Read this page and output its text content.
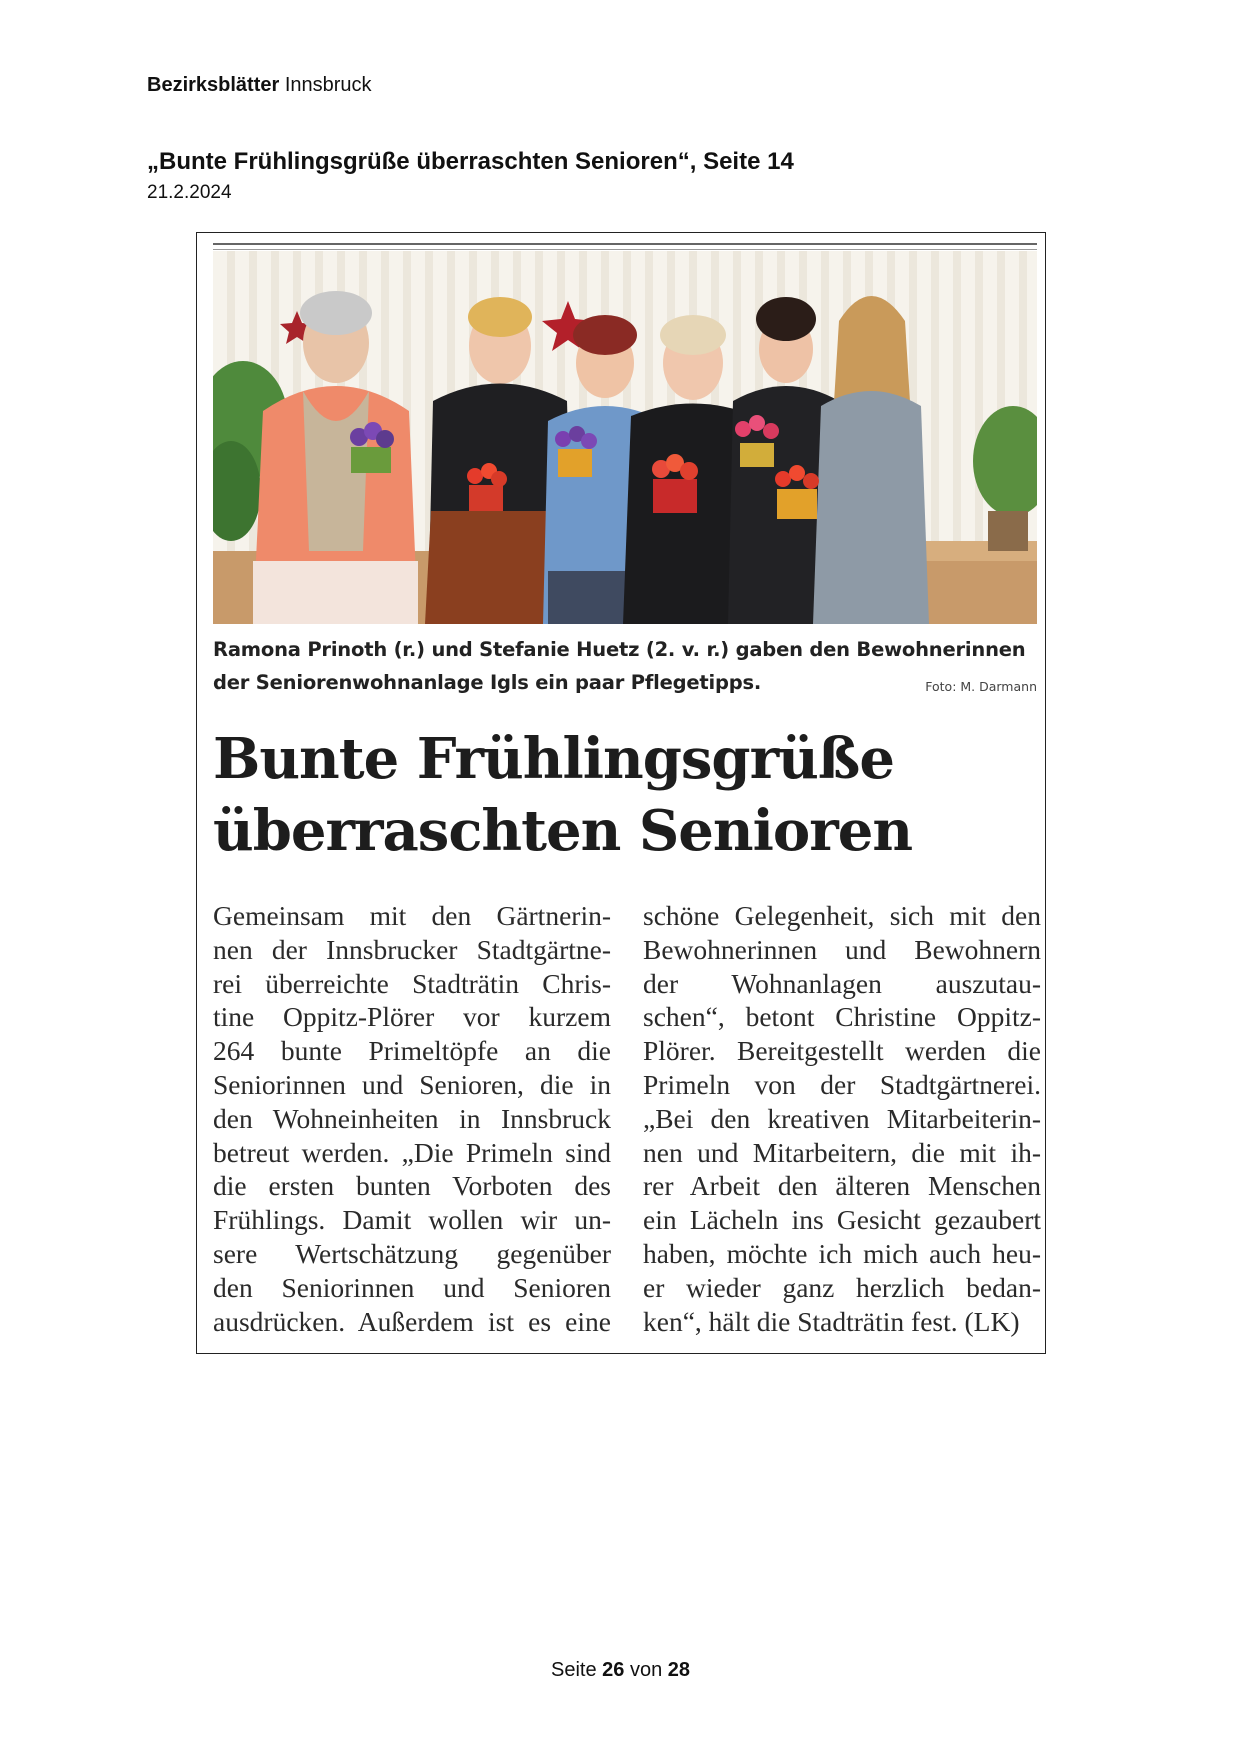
Bezirksblätter Innsbruck
„Bunte Frühlingsgrüße überraschten Senioren“, Seite 14
21.2.2024
Ramona Prinoth (r.) und Stefanie Huetz (2. v. r.) gaben den Bewohnerinnen
der Seniorenwohnanlage Igls ein paar Pflegetipps.	Foto: M. Darmann
Bunte Frühlingsgrüße
überraschten Senioren
Gemeinsam mit den Gärtnerin-
nen der Innsbrucker Stadtgärtne-
rei überreichte Stadträtin Chris-
tine Oppitz-Plörer vor kurzem
264 bunte Primeltöpfe an die
Seniorinnen und Senioren, die in
den Wohneinheiten in Innsbruck
betreut werden. „Die Primeln sind
die ersten bunten Vorboten des
Frühlings. Damit wollen wir un-
sere Wertschätzung gegenüber
den Seniorinnen und Senioren
ausdrücken. Außerdem ist es eine
schöne Gelegenheit, sich mit den
Bewohnerinnen und Bewohnern
der Wohnanlagen auszutau-
schen“, betont Christine Oppitz-
Plörer. Bereitgestellt werden die
Primeln von der Stadtgärtnerei.
„Bei den kreativen Mitarbeiterin-
nen und Mitarbeitern, die mit ih-
rer Arbeit den älteren Menschen
ein Lächeln ins Gesicht gezaubert
haben, möchte ich mich auch heu-
er wieder ganz herzlich bedan-
ken“, hält die Stadträtin fest. (LK)
Seite 26 von 28
